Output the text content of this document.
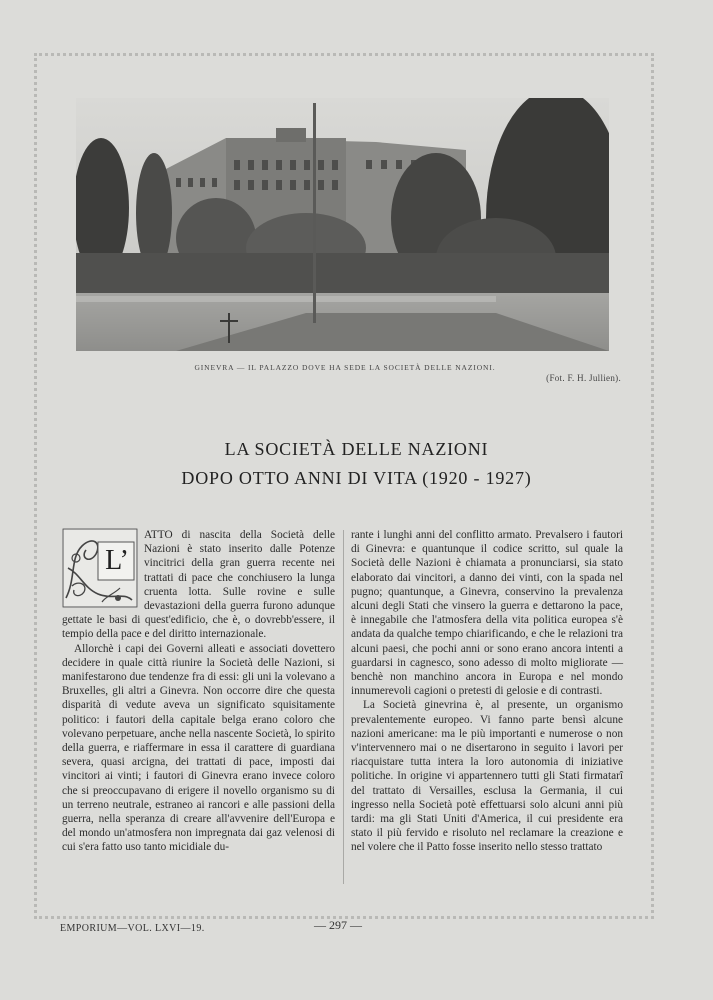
GINEVRA — IL PALAZZO DOVE HA SEDE LA SOCIETÀ DELLE NAZIONI.
(Fot. F. H. Jullien).
LA SOCIETÀ DELLE NAZIONI
DOPO OTTO ANNI DI VITA (1920 - 1927)
L’

ATTO di nascita della Società delle Nazioni è stato inserito dalle Potenze vincitrici della gran guerra recente nei trattati di pace che conchiusero la lunga cruenta lotta. Sulle rovine e sulle devastazioni della guerra furono adunque gettate le basi di quest'edificio, che è, o dovrebb'essere, il tempio della pace e del diritto internazionale.

Allorchè i capi dei Governi alleati e associati dovettero decidere in quale città riunire la Società delle Nazioni, si manifestarono due tendenze fra di essi: gli uni la volevano a Bruxelles, gli altri a Ginevra. Non occorre dire che questa disparità di vedute aveva un significato squisitamente politico: i fautori della capitale belga erano coloro che volevano perpetuare, anche nella nascente Società, lo spirito della guerra, e riaffermare in essa il carattere di guardiana severa, quasi arcigna, dei trattati di pace, imposti dai vincitori ai vinti; i fautori di Ginevra erano invece coloro che si preoccupavano di erigere il novello organismo su di un terreno neutrale, estraneo ai rancori e alle passioni della guerra, nella speranza di creare all'avvenire dell'Europa e del mondo un'atmosfera non impregnata dai gaz velenosi di cui s'era fatto uso tanto micidiale du-

rante i lunghi anni del conflitto armato. Prevalsero i fautori di Ginevra: e quantunque il codice scritto, sul quale la Società delle Nazioni è chiamata a pronunciarsi, sia stato elaborato dai vincitori, a danno dei vinti, con la spada nel pugno; quantunque, a Ginevra, conservino la prevalenza alcuni degli Stati che vinsero la guerra e dettarono la pace, è innegabile che l'atmosfera della vita politica europea s'è andata da qualche tempo chiarificando, e che le relazioni tra alcuni paesi, che pochi anni or sono erano ancora intenti a guardarsi in cagnesco, sono adesso di molto migliorate — benchè non manchino ancora in Europa e nel mondo innumerevoli cagioni o pretesti di gelosie e di contrasti.

La Società ginevrina è, al presente, un organismo prevalentemente europeo. Vi fanno parte bensì alcune nazioni americane: ma le più importanti e numerose o non v'intervennero mai o ne disertarono in seguito i lavori per riacquistare tutta intera la loro autonomia di iniziative politiche. In origine vi appartennero tutti gli Stati firmatarî del trattato di Versailles, esclusa la Germania, il cui ingresso nella Società potè effettuarsi solo alcuni anni più tardi: ma gli Stati Uniti d'America, il cui presidente era stato il più fervido e risoluto nel reclamare la creazione e nel volere che il Patto fosse inserito nello stesso trattato

EMPORIUM—VOL. LXVI—19.	— 297 —
